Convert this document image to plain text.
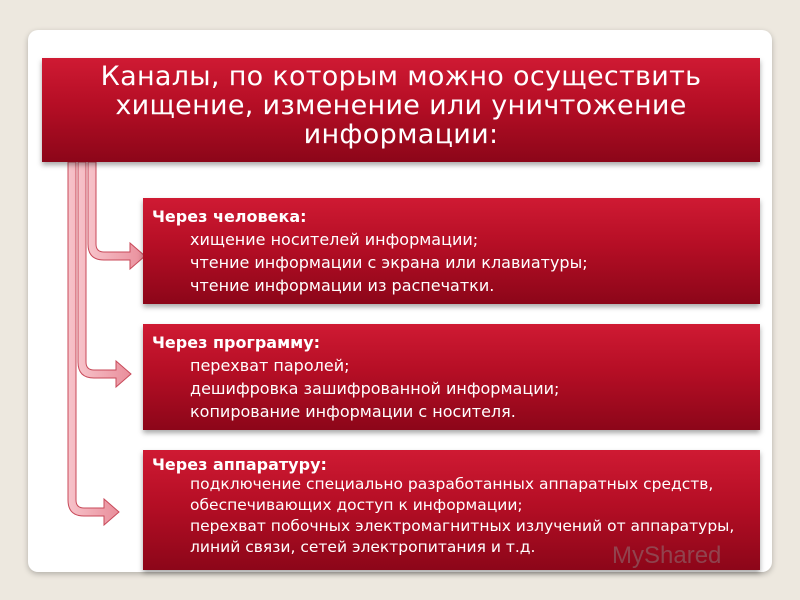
Каналы, по которым можно осуществить хищение, изменение или уничтожение информации:
Через человека:
хищение носителей информации;
чтение информации с экрана или клавиатуры;
чтение информации из распечатки.
Через программу:
перехват паролей;
дешифровка зашифрованной информации;
копирование информации с носителя.
Через аппаратуру:
подключение специально разработанных аппаратных средств, обеспечивающих доступ к информации;
перехват побочных электромагнитных излучений от аппаратуры, линий связи, сетей электропитания и т.д.	MyShared
